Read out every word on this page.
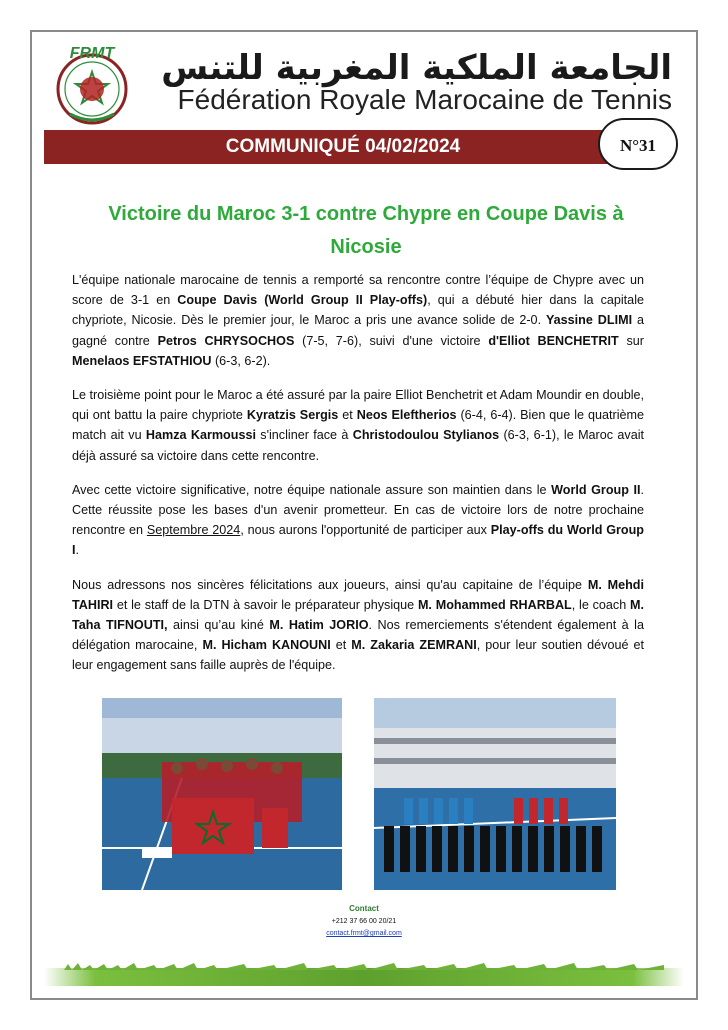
FRMT الجامعة الملكية المغربية للتنس
Fédération Royale Marocaine de Tennis
COMMUNIQUÉ 04/02/2024	N°31
Victoire du Maroc 3-1 contre Chypre en Coupe Davis à Nicosie

L'équipe nationale marocaine de tennis a remporté sa rencontre contre l’équipe de Chypre avec un score de 3-1 en Coupe Davis (World Group II Play-offs), qui a débuté hier dans la capitale chypriote, Nicosie. Dès le premier jour, le Maroc a pris une avance solide de 2-0. Yassine DLIMI a gagné contre Petros CHRYSOCHOS (7-5, 7-6), suivi d'une victoire d'Elliot BENCHETRIT sur Menelaos EFSTATHIOU (6-3, 6-2).

Le troisième point pour le Maroc a été assuré par la paire Elliot Benchetrit et Adam Moundir en double, qui ont battu la paire chypriote Kyratzis Sergis et Neos Eleftherios (6-4, 6-4). Bien que le quatrième match ait vu Hamza Karmoussi s'incliner face à Christodoulou Stylianos (6-3, 6-1), le Maroc avait déjà assuré sa victoire dans cette rencontre.

Avec cette victoire significative, notre équipe nationale assure son maintien dans le World Group II. Cette réussite pose les bases d'un avenir prometteur. En cas de victoire lors de notre prochaine rencontre en Septembre 2024, nous aurons l'opportunité de participer aux Play-offs du World Group I.

Nous adressons nos sincères félicitations aux joueurs, ainsi qu'au capitaine de l’équipe M. Mehdi TAHIRI et le staff de la DTN à savoir le préparateur physique M. Mohammed RHARBAL, le coach M. Taha TIFNOUTI, ainsi qu’au kiné M. Hatim JORIO. Nos remerciements s'étendent également à la délégation marocaine, M. Hicham KANOUNI et M. Zakaria ZEMRANI, pour leur soutien dévoué et leur engagement sans faille auprès de l'équipe.

Contact
+212 37 66 00 20/21
contact.frmt@gmail.com
